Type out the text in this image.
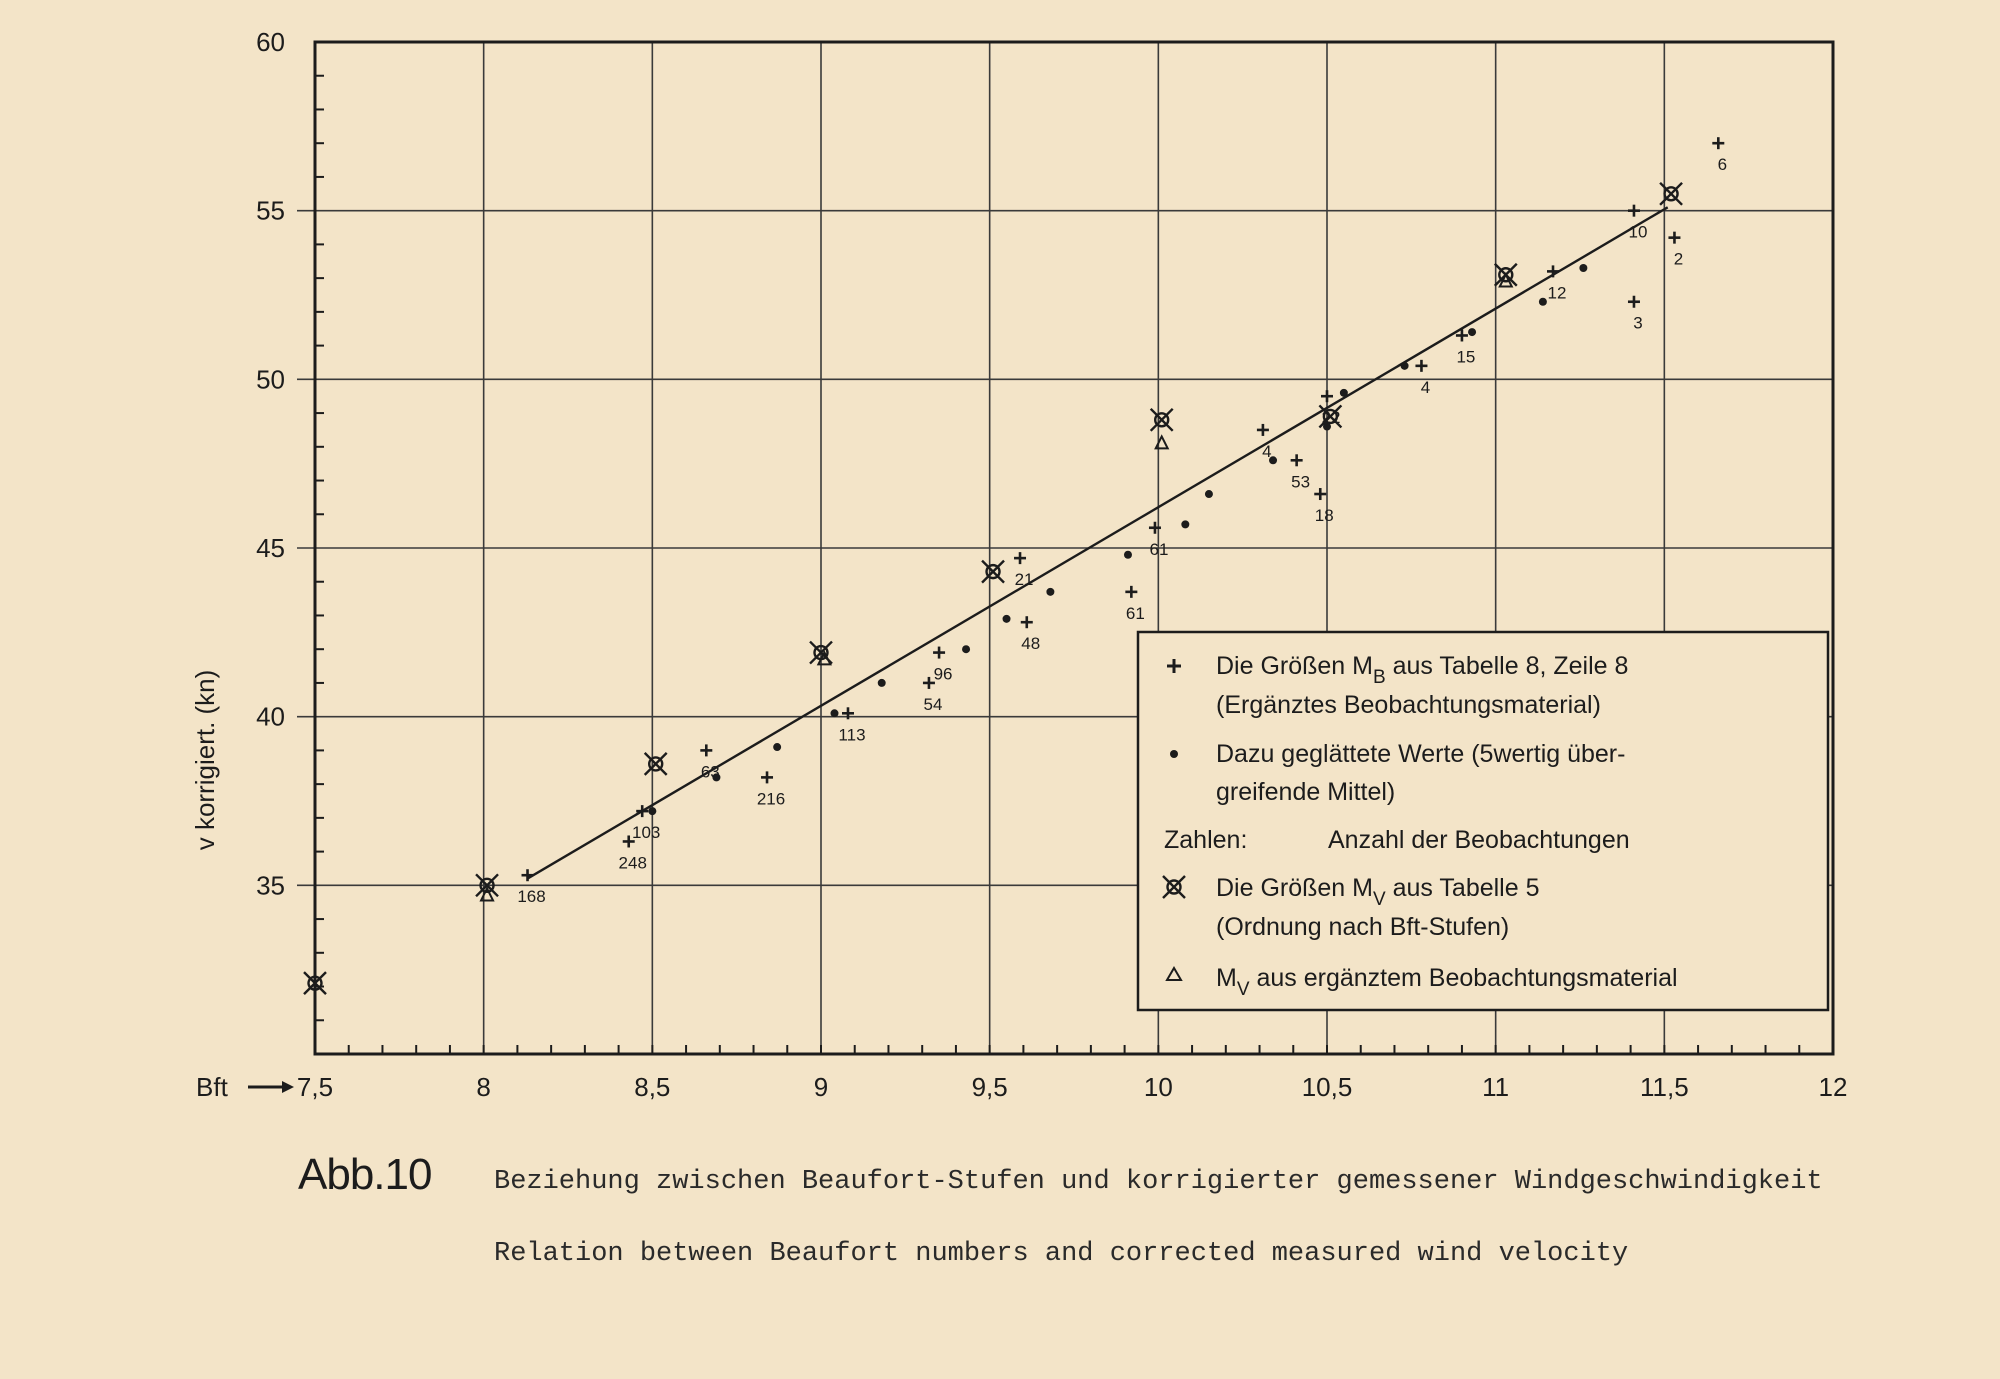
7,5	8	8,5	9	9,5	10	10,5	11	11,5	12
35
40
45
50
55
60
168
248
103
63
216
113
54
96
21
48
61
61
4
53
18
22
4
15
12
10
3
2
6
v korrigiert. (kn)
Bft
Die Größen $M_B$ aus Tabelle 8, Zeile 8
(Ergänztes Beobachtungsmaterial)
Dazu geglättete Werte (5wertig über-
greifende Mittel)
Zahlen:	Anzahl der Beobachtungen
Die Größen $M_V$ aus Tabelle 5
(Ordnung nach Bft-Stufen)
$M_V$ aus ergänztem Beobachtungsmaterial
Abb.10 Beziehung zwischen Beaufort-Stufen und korrigierter gemessener Windgeschwindigkeit
Relation between Beaufort numbers and corrected measured wind velocity
